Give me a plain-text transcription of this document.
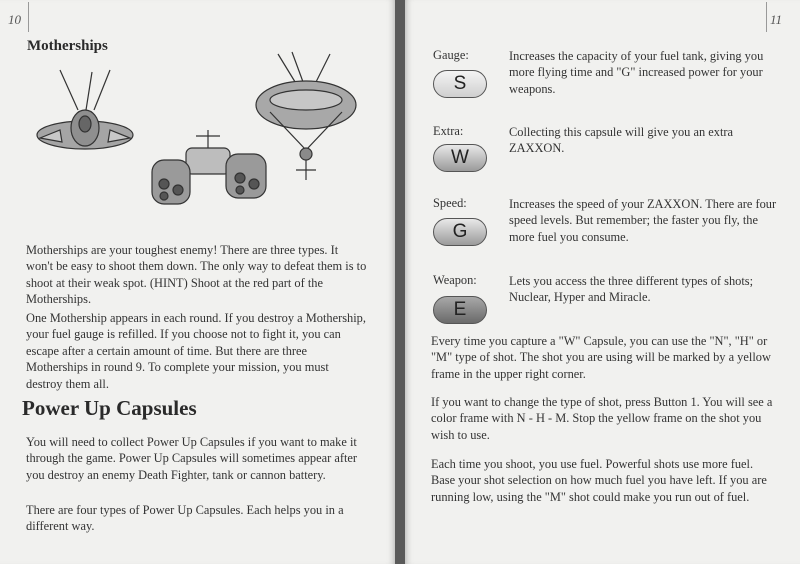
10
Motherships

Motherships are your toughest enemy! There are three types. It won't be easy to shoot them down. The only way to defeat them is to shoot at their weak spot. (HINT) Shoot at the red part of the Motherships.

One Mothership appears in each round. If you destroy a Mothership, your fuel gauge is refilled. If you choose not to fight it, you can escape after a certain amount of time. But there are three Motherships in round 9. To complete your mission, you must destroy them all.

Power Up Capsules

You will need to collect Power Up Capsules if you want to make it through the game. Power Up Capsules will sometimes appear after you destroy an enemy Death Fighter, tank or cannon battery.

There are four types of Power Up Capsules. Each helps you in a different way.

11
Gauge:
S

Increases the capacity of your fuel tank, giving you more flying time and "G" increased power for your weapons.

Extra:
W

Collecting this capsule will give you an extra ZAXXON.

Speed:
G

Increases the speed of your ZAXXON. There are four speed levels. But remember; the faster you fly, the more fuel you consume.

Weapon:
E

Lets you access the three different types of shots; Nuclear, Hyper and Miracle.

Every time you capture a "W" Capsule, you can use the "N", "H" or "M" type of shot. The shot you are using will be marked by a yellow frame in the upper right corner.

If you want to change the type of shot, press Button 1. You will see a color frame with N - H - M. Stop the yellow frame on the shot you wish to use.

Each time you shoot, you use fuel. Powerful shots use more fuel. Base your shot selection on how much fuel you have left. If you are running low, using the "M" shot could make you run out of fuel.
